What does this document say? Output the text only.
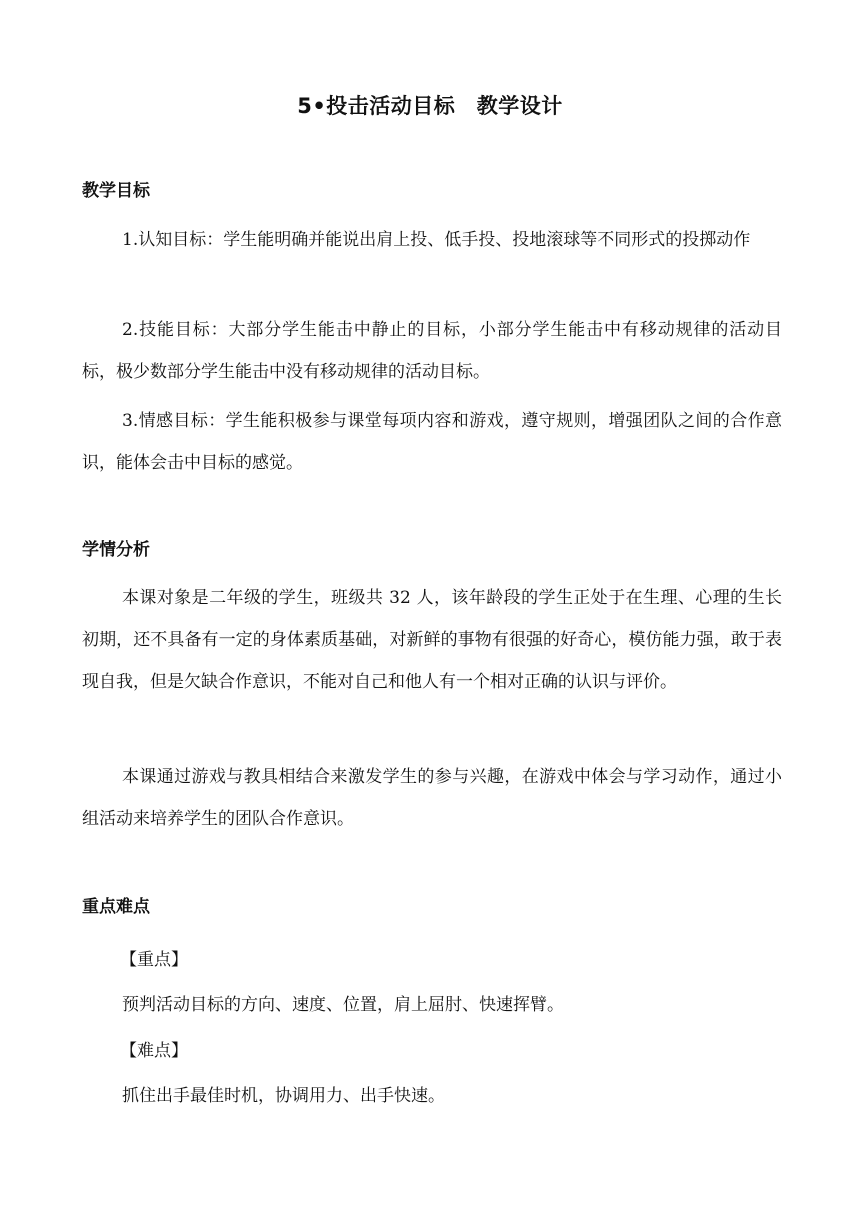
5•投击活动目标　教学设计
教学目标

1.认知目标：学生能明确并能说出肩上投、低手投、投地滚球等不同形式的投掷动作

2.技能目标：大部分学生能击中静止的目标，小部分学生能击中有移动规律的活动目标，极少数部分学生能击中没有移动规律的活动目标。

3.情感目标：学生能积极参与课堂每项内容和游戏，遵守规则，增强团队之间的合作意识，能体会击中目标的感觉。

学情分析

本课对象是二年级的学生，班级共 32 人，该年龄段的学生正处于在生理、心理的生长初期，还不具备有一定的身体素质基础，对新鲜的事物有很强的好奇心，模仿能力强，敢于表现自我，但是欠缺合作意识，不能对自己和他人有一个相对正确的认识与评价。

本课通过游戏与教具相结合来激发学生的参与兴趣，在游戏中体会与学习动作，通过小组活动来培养学生的团队合作意识。

重点难点

【重点】

预判活动目标的方向、速度、位置，肩上屈肘、快速挥臂。

【难点】

抓住出手最佳时机，协调用力、出手快速。
